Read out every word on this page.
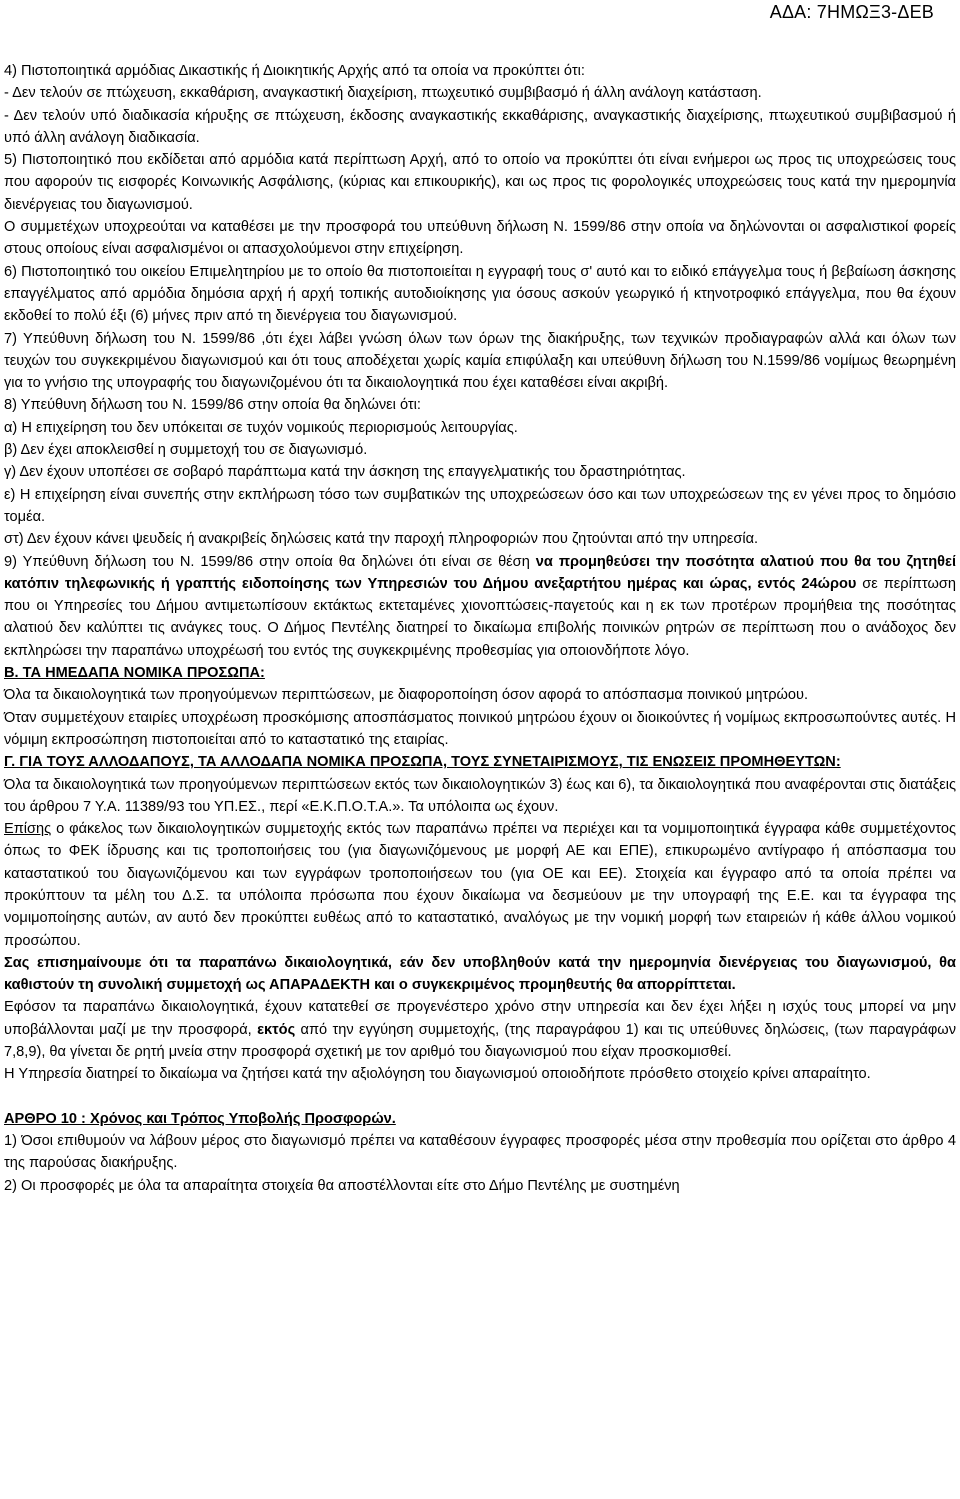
ΑΔΑ: 7ΗΜΩΞ3-ΔΕΒ

4) Πιστοποιητικά αρμόδιας Δικαστικής ή Διοικητικής Αρχής από τα οποία να προκύπτει ότι:

- Δεν τελούν σε πτώχευση, εκκαθάριση, αναγκαστική διαχείριση, πτωχευτικό συμβιβασμό ή άλλη ανάλογη κατάσταση.

- Δεν τελούν υπό διαδικασία κήρυξης σε πτώχευση, έκδοσης αναγκαστικής εκκαθάρισης, αναγκαστικής διαχείρισης, πτωχευτικού συμβιβασμού ή υπό άλλη ανάλογη διαδικασία.

5) Πιστοποιητικό που εκδίδεται από αρμόδια κατά περίπτωση Αρχή, από το οποίο να προκύπτει ότι είναι ενήμεροι ως προς τις υποχρεώσεις τους που αφορούν τις εισφορές Κοινωνικής Ασφάλισης, (κύριας και επικουρικής), και ως προς τις φορολογικές υποχρεώσεις τους κατά την ημερομηνία διενέργειας του διαγωνισμού.

Ο συμμετέχων υποχρεούται να καταθέσει με την προσφορά του υπεύθυνη δήλωση Ν. 1599/86 στην οποία να δηλώνονται οι ασφαλιστικοί φορείς στους οποίους είναι ασφαλισμένοι οι απασχολούμενοι στην επιχείρηση.

6) Πιστοποιητικό του οικείου Επιμελητηρίου με το οποίο θα πιστοποιείται η εγγραφή τους σ' αυτό και το ειδικό επάγγελμα τους ή βεβαίωση άσκησης επαγγέλματος από αρμόδια δημόσια αρχή ή αρχή τοπικής αυτοδιοίκησης για όσους ασκούν γεωργικό ή κτηνοτροφικό επάγγελμα, που θα έχουν εκδοθεί το πολύ έξι (6) μήνες πριν από τη διενέργεια του διαγωνισμού.

7) Υπεύθυνη δήλωση του Ν. 1599/86 ,ότι έχει λάβει γνώση όλων των όρων της διακήρυξης, των τεχνικών προδιαγραφών αλλά και όλων των τευχών του συγκεκριμένου διαγωνισμού και ότι τους αποδέχεται χωρίς καμία επιφύλαξη και υπεύθυνη δήλωση του Ν.1599/86 νομίμως θεωρημένη για το γνήσιο της υπογραφής του διαγωνιζομένου ότι τα δικαιολογητικά που έχει καταθέσει είναι ακριβή.

8) Υπεύθυνη δήλωση του Ν. 1599/86 στην οποία θα δηλώνει ότι:

α) Η επιχείρηση του δεν υπόκειται σε τυχόν νομικούς περιορισμούς λειτουργίας.

β) Δεν έχει αποκλεισθεί η συμμετοχή του σε διαγωνισμό.

γ) Δεν έχουν υποπέσει σε σοβαρό παράπτωμα κατά την άσκηση της επαγγελματικής του δραστηριότητας.

ε) Η επιχείρηση είναι συνεπής στην εκπλήρωση τόσο των συμβατικών της υποχρεώσεων όσο και των υποχρεώσεων της εν γένει προς το δημόσιο τομέα.

στ) Δεν έχουν κάνει ψευδείς ή ανακριβείς δηλώσεις κατά την παροχή πληροφοριών που ζητούνται από την υπηρεσία.

9) Υπεύθυνη δήλωση του Ν. 1599/86 στην οποία θα δηλώνει ότι είναι σε θέση να προμηθεύσει την ποσότητα αλατιού που θα του ζητηθεί κατόπιν τηλεφωνικής ή γραπτής ειδοποίησης των Υπηρεσιών του Δήμου ανεξαρτήτου ημέρας και ώρας, εντός 24ώρου σε περίπτωση που οι Υπηρεσίες του Δήμου αντιμετωπίσουν εκτάκτως εκτεταμένες χιονοπτώσεις-παγετούς και η εκ των προτέρων προμήθεια της ποσότητας αλατιού δεν καλύπτει τις ανάγκες τους. Ο Δήμος Πεντέλης διατηρεί το δικαίωμα επιβολής ποινικών ρητρών σε περίπτωση που ο ανάδοχος δεν εκπληρώσει την παραπάνω υποχρέωσή του εντός της συγκεκριμένης προθεσμίας για οποιονδήποτε λόγο.

Β. ΤΑ ΗΜΕΔΑΠΑ ΝΟΜΙΚΑ ΠΡΟΣΩΠΑ:

Όλα τα δικαιολογητικά των προηγούμενων περιπτώσεων, με διαφοροποίηση όσον αφορά το απόσπασμα ποινικού μητρώου.

Όταν συμμετέχουν εταιρίες υποχρέωση προσκόμισης αποσπάσματος ποινικού μητρώου έχουν οι διοικούντες ή νομίμως εκπροσωπούντες αυτές. Η νόμιμη εκπροσώπηση πιστοποιείται από το καταστατικό της εταιρίας.

Γ. ΓΙΑ ΤΟΥΣ ΑΛΛΟΔΑΠΟΥΣ, ΤΑ ΑΛΛΟΔΑΠΑ ΝΟΜΙΚΑ ΠΡΟΣΩΠΑ, ΤΟΥΣ ΣΥΝΕΤΑΙΡΙΣΜΟΥΣ, ΤΙΣ ΕΝΩΣΕΙΣ ΠΡΟΜΗΘΕΥΤΩΝ:

Όλα τα δικαιολογητικά των προηγούμενων περιπτώσεων εκτός των δικαιολογητικών 3) έως και 6), τα δικαιολογητικά που αναφέρονται στις διατάξεις του άρθρου 7 Υ.Α. 11389/93 του ΥΠ.ΕΣ., περί «Ε.Κ.Π.Ο.Τ.Α.». Τα υπόλοιπα ως έχουν.

Επίσης ο φάκελος των δικαιολογητικών συμμετοχής εκτός των παραπάνω πρέπει να περιέχει και τα νομιμοποιητικά έγγραφα κάθε συμμετέχοντος όπως το ΦΕΚ ίδρυσης και τις τροποποιήσεις του (για διαγωνιζόμενους με μορφή ΑΕ και ΕΠΕ), επικυρωμένο αντίγραφο ή απόσπασμα του καταστατικού του διαγωνιζόμενου και των εγγράφων τροποποιήσεων του (για ΟΕ και ΕΕ). Στοιχεία και έγγραφο από τα οποία πρέπει να προκύπτουν τα μέλη του Δ.Σ. τα υπόλοιπα πρόσωπα που έχουν δικαίωμα να δεσμεύουν με την υπογραφή της Ε.Ε. και τα έγγραφα της νομιμοποίησης αυτών, αν αυτό δεν προκύπτει ευθέως από το καταστατικό, αναλόγως με την νομική μορφή των εταιρειών ή κάθε άλλου νομικού προσώπου.

Σας επισημαίνουμε ότι τα παραπάνω δικαιολογητικά, εάν δεν υποβληθούν κατά την ημερομηνία διενέργειας του διαγωνισμού, θα καθιστούν τη συνολική συμμετοχή ως ΑΠΑΡΑΔΕΚΤΗ και ο συγκεκριμένος προμηθευτής θα απορρίπτεται.

Εφόσον τα παραπάνω δικαιολογητικά, έχουν κατατεθεί σε προγενέστερο χρόνο στην υπηρεσία και δεν έχει λήξει η ισχύς τους μπορεί να μην υποβάλλονται μαζί με την προσφορά, εκτός από την εγγύηση συμμετοχής, (της παραγράφου 1) και τις υπεύθυνες δηλώσεις, (των παραγράφων 7,8,9), θα γίνεται δε ρητή μνεία στην προσφορά σχετική με τον αριθμό του διαγωνισμού που είχαν προσκομισθεί.

Η Υπηρεσία διατηρεί το δικαίωμα να ζητήσει κατά την αξιολόγηση του διαγωνισμού οποιοδήποτε πρόσθετο στοιχείο κρίνει απαραίτητο.

ΑΡΘΡΟ 10 : Χρόνος και Τρόπος Υποβολής Προσφορών.

1) Όσοι επιθυμούν να λάβουν μέρος στο διαγωνισμό πρέπει να καταθέσουν έγγραφες προσφορές μέσα στην προθεσμία που ορίζεται στο άρθρο 4 της παρούσας διακήρυξης.

2) Οι προσφορές με όλα τα απαραίτητα στοιχεία θα αποστέλλονται είτε στο Δήμο Πεντέλης με συστημένη
